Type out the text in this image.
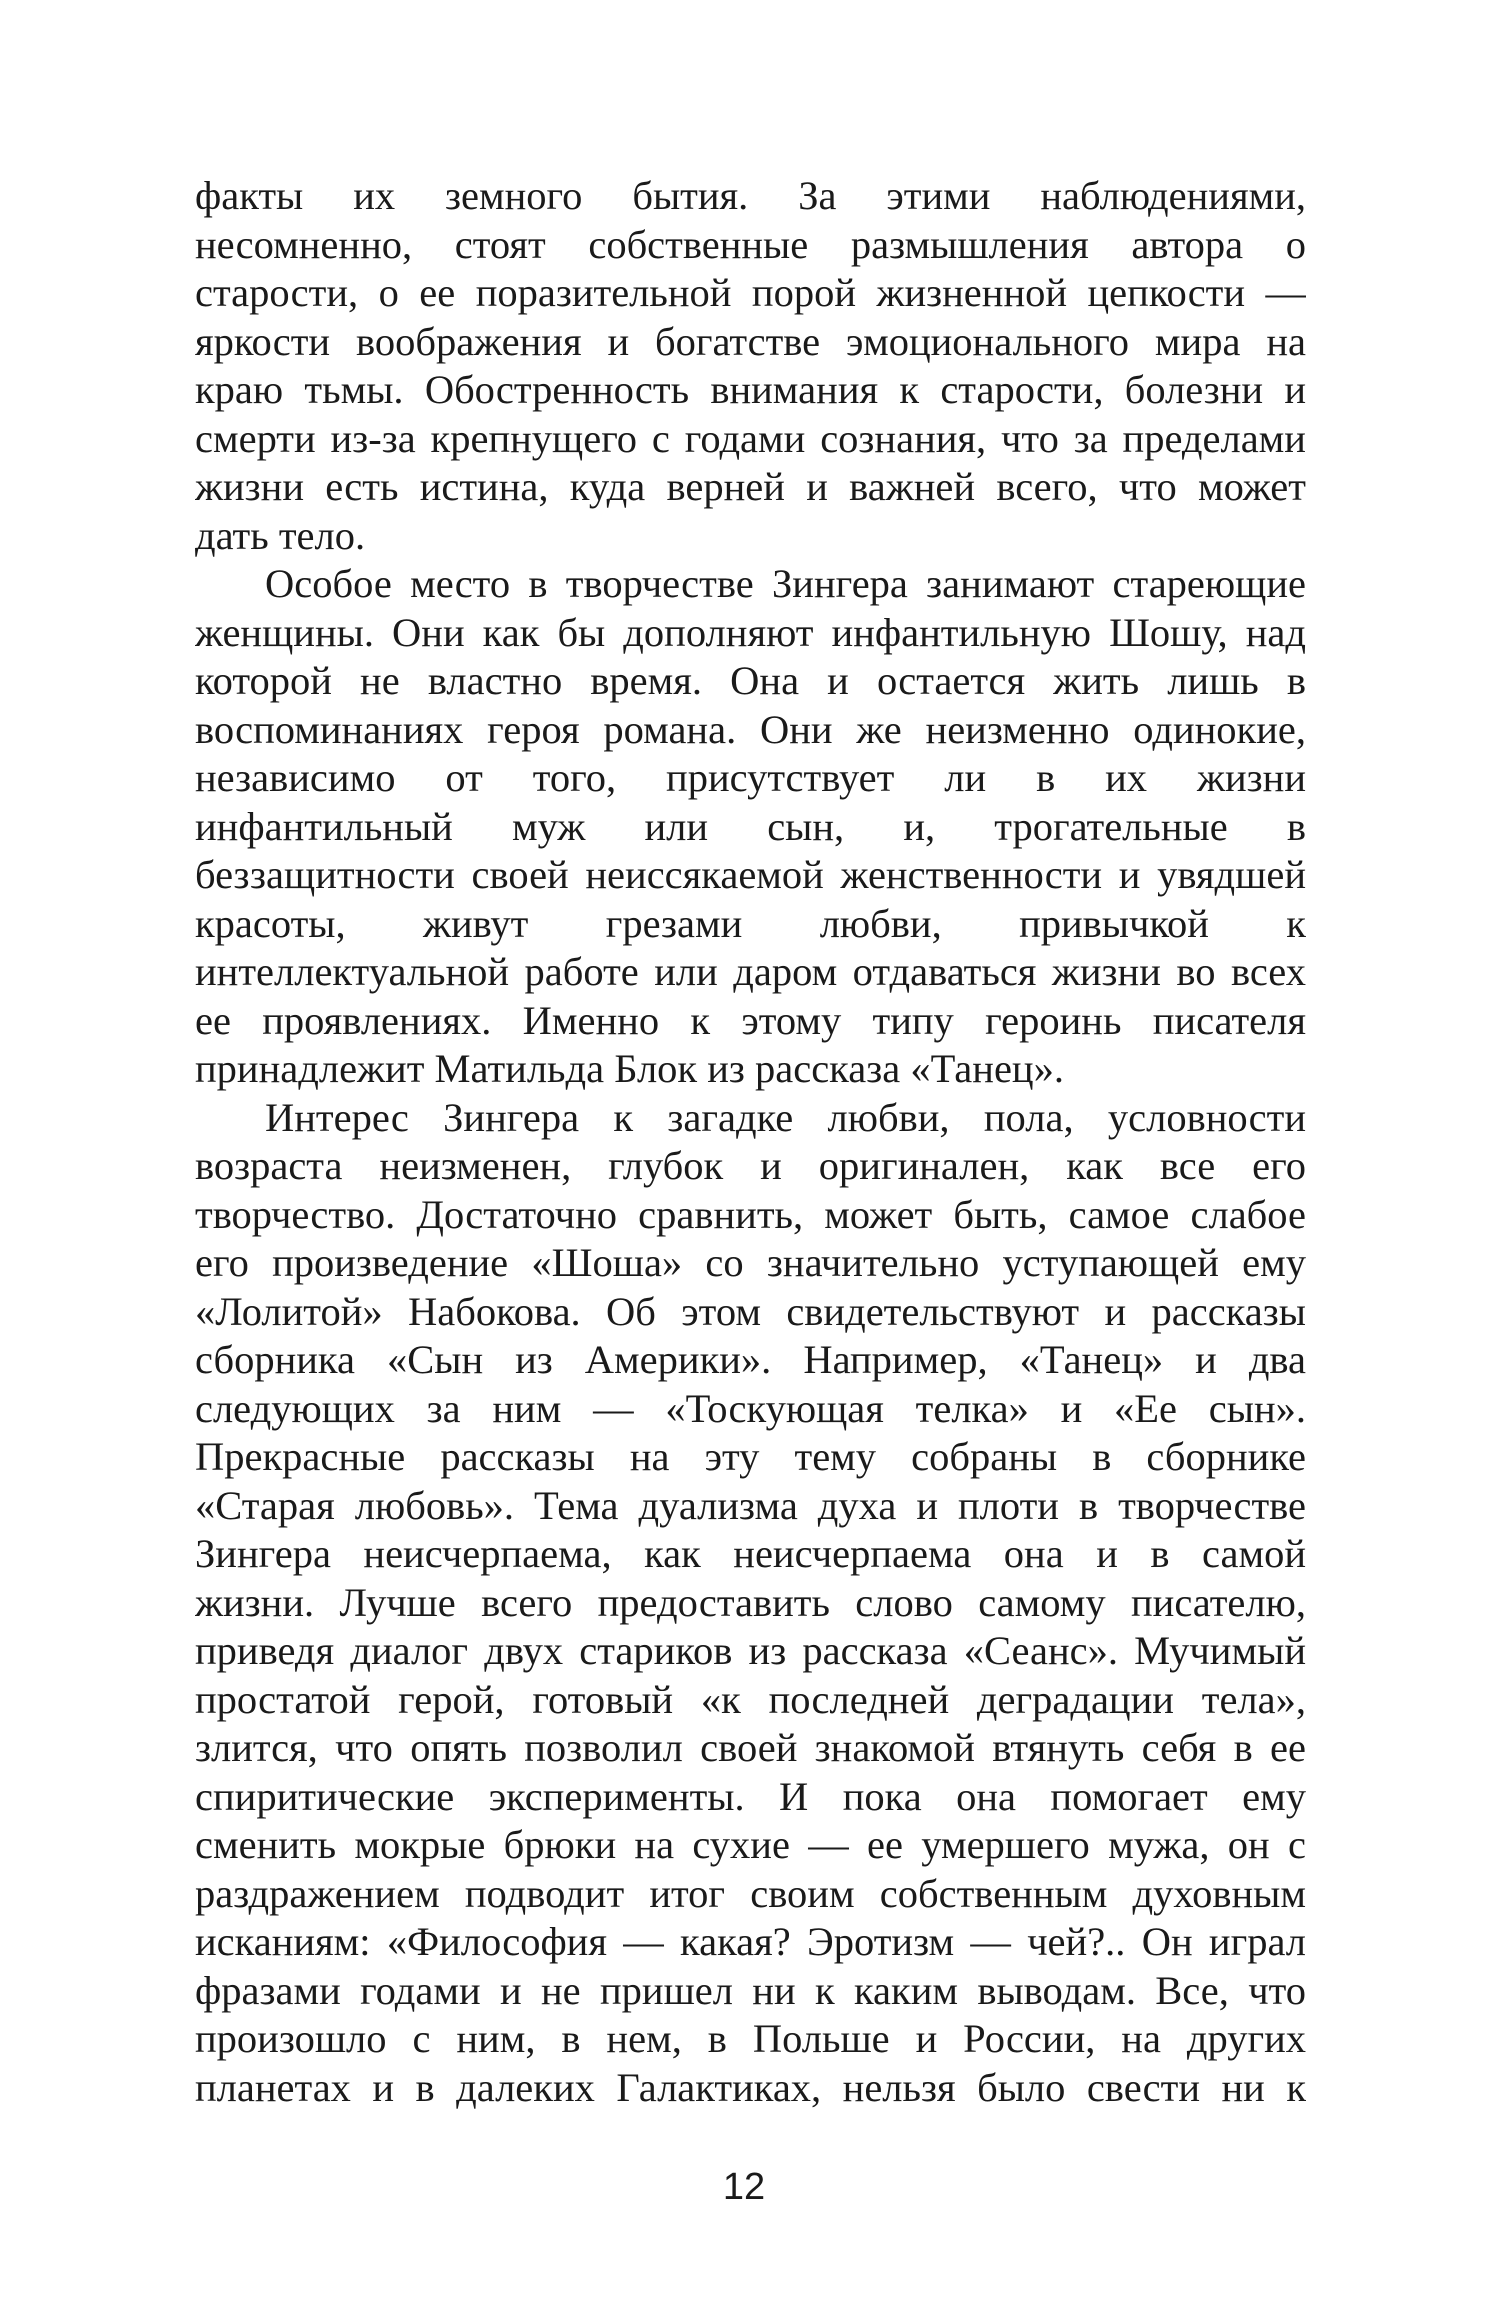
факты их земного бытия. За этими наблюдениями,
несомненно, стоят собственные размышления автора о
старости, о ее поразительной порой жизненной цепкости —
яркости воображения и богатстве эмоционального мира на
краю тьмы. Обостренность внимания к старости, болезни и
смерти из-за крепнущего с годами сознания, что за пределами
жизни есть истина, куда верней и важней всего, что может
дать тело.
Особое место в творчестве Зингера занимают стареющие
женщины. Они как бы дополняют инфантильную Шошу, над
которой не властно время. Она и остается жить лишь в
воспоминаниях героя романа. Они же неизменно одинокие,
независимо от того, присутствует ли в их жизни
инфантильный муж или сын, и, трогательные в
беззащитности своей неиссякаемой женственности и увядшей
красоты, живут грезами любви, привычкой к
интеллектуальной работе или даром отдаваться жизни во всех
ее проявлениях. Именно к этому типу героинь писателя
принадлежит Матильда Блок из рассказа «Танец».
Интерес Зингера к загадке любви, пола, условности
возраста неизменен, глубок и оригинален, как все его
творчество. Достаточно сравнить, может быть, самое слабое
его произведение «Шоша» со значительно уступающей ему
«Лолитой» Набокова. Об этом свидетельствуют и рассказы
сборника «Сын из Америки». Например, «Танец» и два
следующих за ним — «Тоскующая телка» и «Ее сын».
Прекрасные рассказы на эту тему собраны в сборнике
«Старая любовь». Тема дуализма духа и плоти в творчестве
Зингера неисчерпаема, как неисчерпаема она и в самой
жизни. Лучше всего предоставить слово самому писателю,
приведя диалог двух стариков из рассказа «Сеанс». Мучимый
простатой герой, готовый «к последней деградации тела»,
злится, что опять позволил своей знакомой втянуть себя в ее
спиритические эксперименты. И пока она помогает ему
сменить мокрые брюки на сухие — ее умершего мужа, он с
раздражением подводит итог своим собственным духовным
исканиям: «Философия — какая? Эротизм — чей?.. Он играл
фразами годами и не пришел ни к каким выводам. Все, что
произошло с ним, в нем, в Польше и России, на других
планетах и в далеких Галактиках, нельзя было свести ни к
12
